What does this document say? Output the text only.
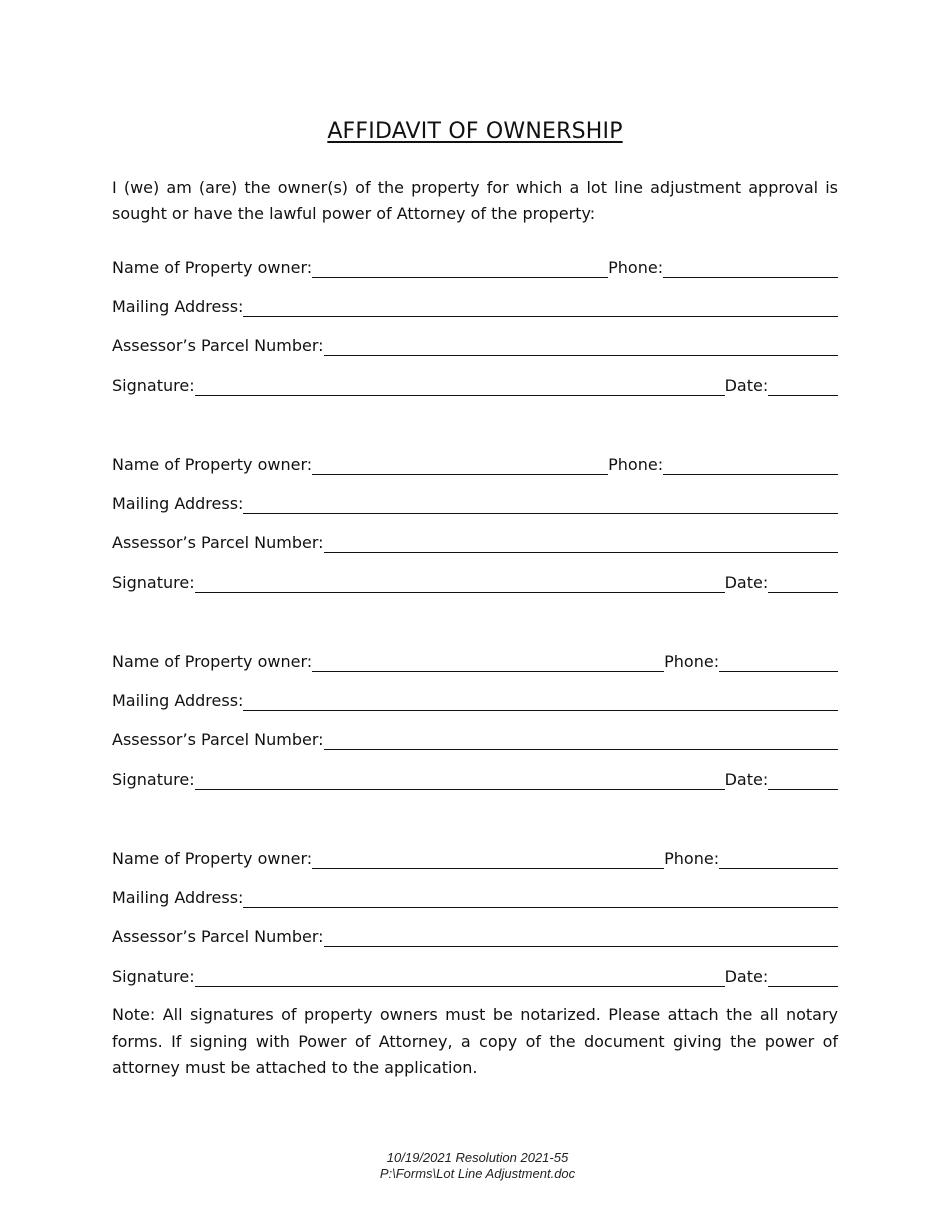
AFFIDAVIT OF OWNERSHIP
I (we) am (are) the owner(s) of the property for which a lot line adjustment approval is sought or have the lawful power of Attorney of the property:
Name of Property owner:	Phone:
Mailing Address:
Assessor’s Parcel Number:
Signature:	Date:
Name of Property owner:	Phone:
Mailing Address:
Assessor’s Parcel Number:
Signature:	Date:
Name of Property owner:	Phone:
Mailing Address:
Assessor’s Parcel Number:
Signature:	Date:
Name of Property owner:	Phone:
Mailing Address:
Assessor’s Parcel Number:
Signature:	Date:
Note: All signatures of property owners must be notarized. Please attach the all notary forms. If signing with Power of Attorney, a copy of the document giving the power of attorney must be attached to the application.
10/19/2021 Resolution 2021-55
P:\Forms\Lot Line Adjustment.doc
